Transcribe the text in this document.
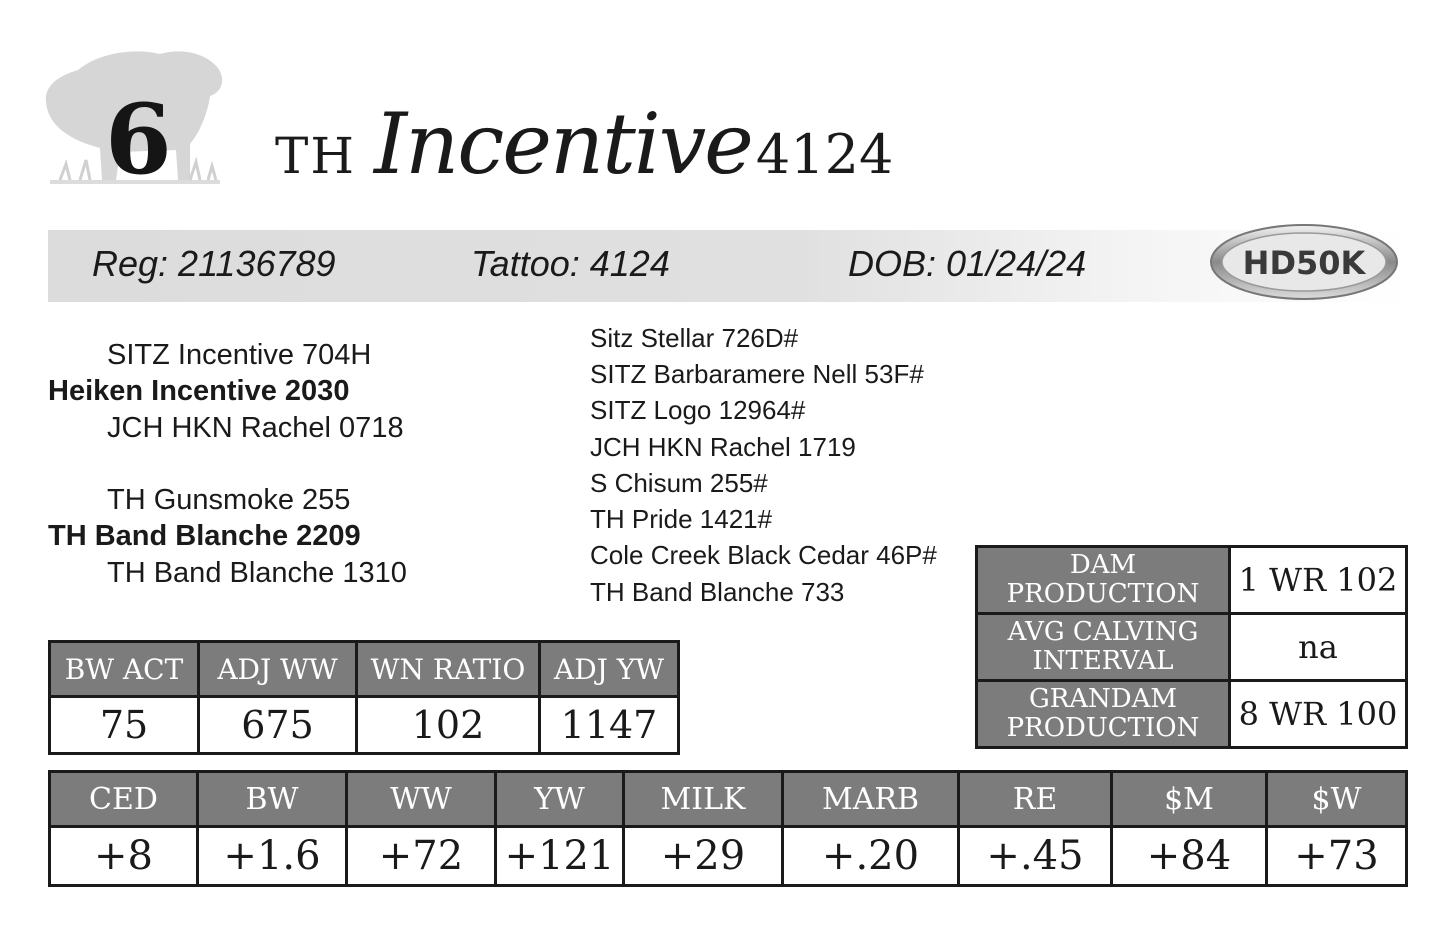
6 TH Incentive4124
Reg: 21136789	Tattoo: 4124	DOB: 01/24/24	HD50K
SITZ Incentive 704H
Heiken Incentive 2030
JCH HKN Rachel 0718
TH Gunsmoke 255
TH Band Blanche 2209
TH Band Blanche 1310
Sitz Stellar 726D#
SITZ Barbaramere Nell 53F#
SITZ Logo 12964#
JCH HKN Rachel 1719
S Chisum 255#
TH Pride 1421#
Cole Creek Black Cedar 46P#
TH Band Blanche 733
BW ACT	ADJ WW	WN RATIO	ADJ YW
75	675	102	1147
DAM
PRODUCTION	1 WR 102
AVG CALVING
INTERVAL	na
GRANDAM
PRODUCTION	8 WR 100
CED	BW	WW	YW	MILK	MARB	RE	$M	$W
+8	+1.6	+72	+121	+29	+.20	+.45	+84	+73
